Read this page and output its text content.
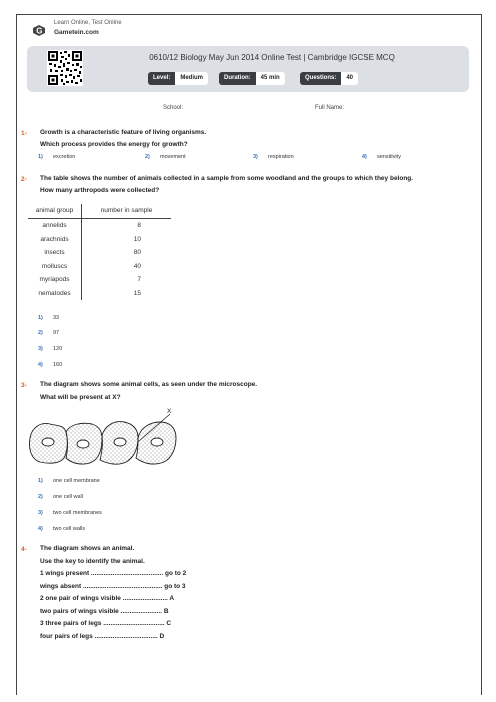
G
Learn Online, Test Online
Gametein.com
0610/12 Biology May Jun 2014 Online Test | Cambridge IGCSE MCQ
Level:	Medium	Duration:	45 min	Questions:	40
School:	Full Name:
1- Growth is a characteristic feature of living organisms.
Which process provides the energy for growth?
1) excretion	2) movement	3) respiration	4) sensitivity
2- The table shows the number of animals collected in a sample from some woodland and the groups to which they belong.
How many arthropods were collected?
animal group	number in sample
annelids	8
arachnids	10
insects	80
molluscs	40
myriapods	7
nematodes	15
1) 33
2) 97
3) 120
4) 160
3- The diagram shows some animal cells, as seen under the microscope.
What will be present at X?
X
1) one cell membrane
2) one cell wall
3) two cell membranes
4) two cell walls
4- The diagram shows an animal.
Use the key to identify the animal.
1 wings present ........................................ go to 2
wings absent ............................................ go to 3
2 one pair of wings visible ......................... A
two pairs of wings visible ....................... B
3 three pairs of legs .................................. C
four pairs of legs ................................... D
